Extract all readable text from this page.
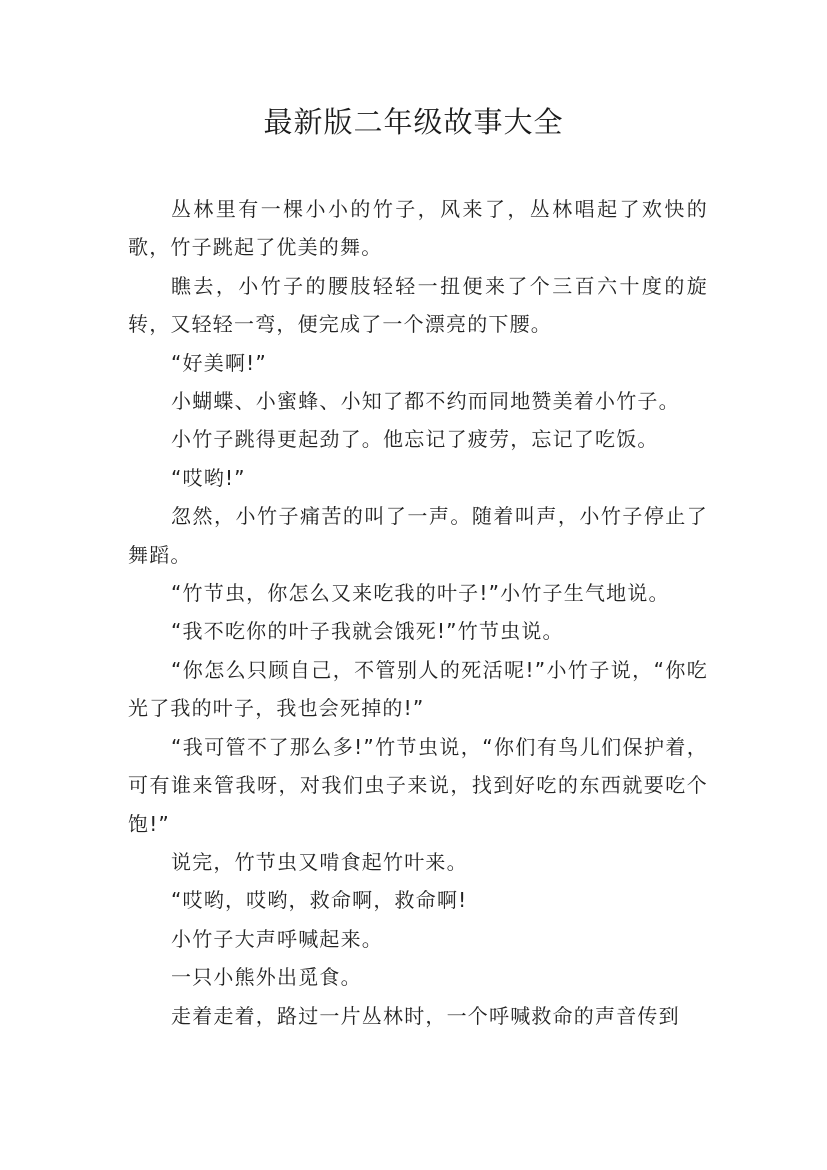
最新版二年级故事大全

丛林里有一棵小小的竹子，风来了，丛林唱起了欢快的歌，竹子跳起了优美的舞。

瞧去，小竹子的腰肢轻轻一扭便来了个三百六十度的旋转，又轻轻一弯，便完成了一个漂亮的下腰。

“好美啊!”

小蝴蝶、小蜜蜂、小知了都不约而同地赞美着小竹子。

小竹子跳得更起劲了。他忘记了疲劳，忘记了吃饭。

“哎哟!”

忽然，小竹子痛苦的叫了一声。随着叫声，小竹子停止了舞蹈。

“竹节虫，你怎么又来吃我的叶子!”小竹子生气地说。

“我不吃你的叶子我就会饿死!”竹节虫说。

“你怎么只顾自己，不管别人的死活呢!”小竹子说，“你吃光了我的叶子，我也会死掉的!”

“我可管不了那么多!”竹节虫说，“你们有鸟儿们保护着，可有谁来管我呀，对我们虫子来说，找到好吃的东西就要吃个饱!”

说完，竹节虫又啃食起竹叶来。

“哎哟，哎哟，救命啊，救命啊!

小竹子大声呼喊起来。

一只小熊外出觅食。

走着走着，路过一片丛林时，一个呼喊救命的声音传到
